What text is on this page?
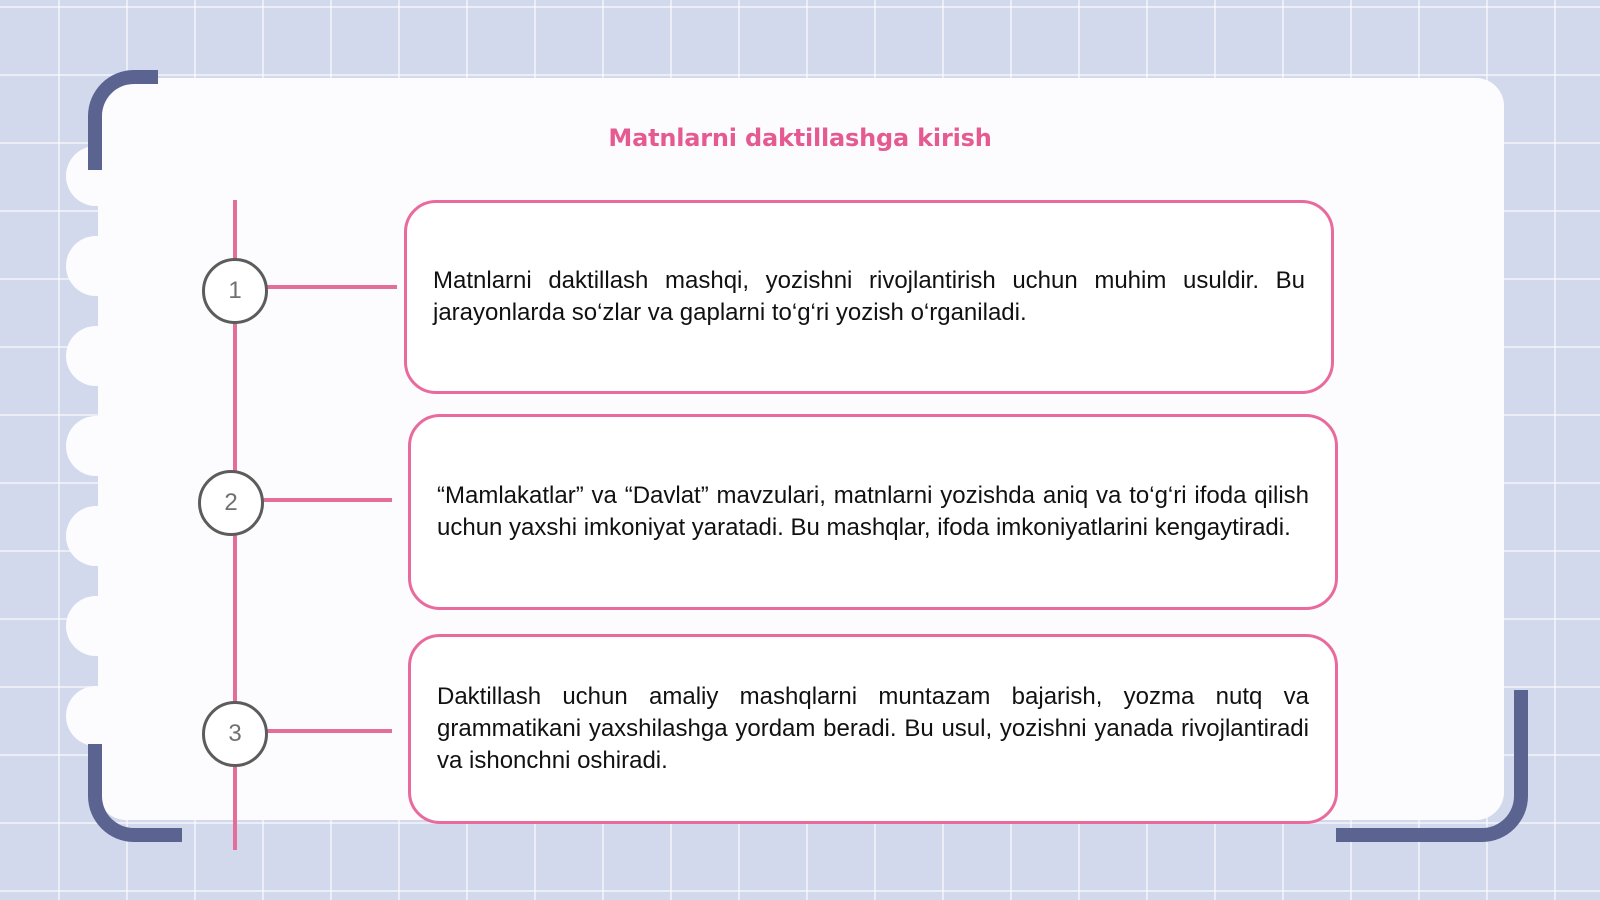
Matnlarni daktillashga kirish
1
2
3
Matnlarni daktillash mashqi, yozishni rivojlantirish uchun muhim usuldir. Bu jarayonlarda so‘zlar va gaplarni to‘g‘ri yozish o‘rganiladi.
“Mamlakatlar” va “Davlat” mavzulari, matnlarni yozishda aniq va to‘g‘ri ifoda qilish uchun yaxshi imkoniyat yaratadi. Bu mashqlar, ifoda imkoniyatlarini kengaytiradi.
Daktillash uchun amaliy mashqlarni muntazam bajarish, yozma nutq va grammatikani yaxshilashga yordam beradi. Bu usul, yozishni yanada rivojlantiradi va ishonchni oshiradi.
